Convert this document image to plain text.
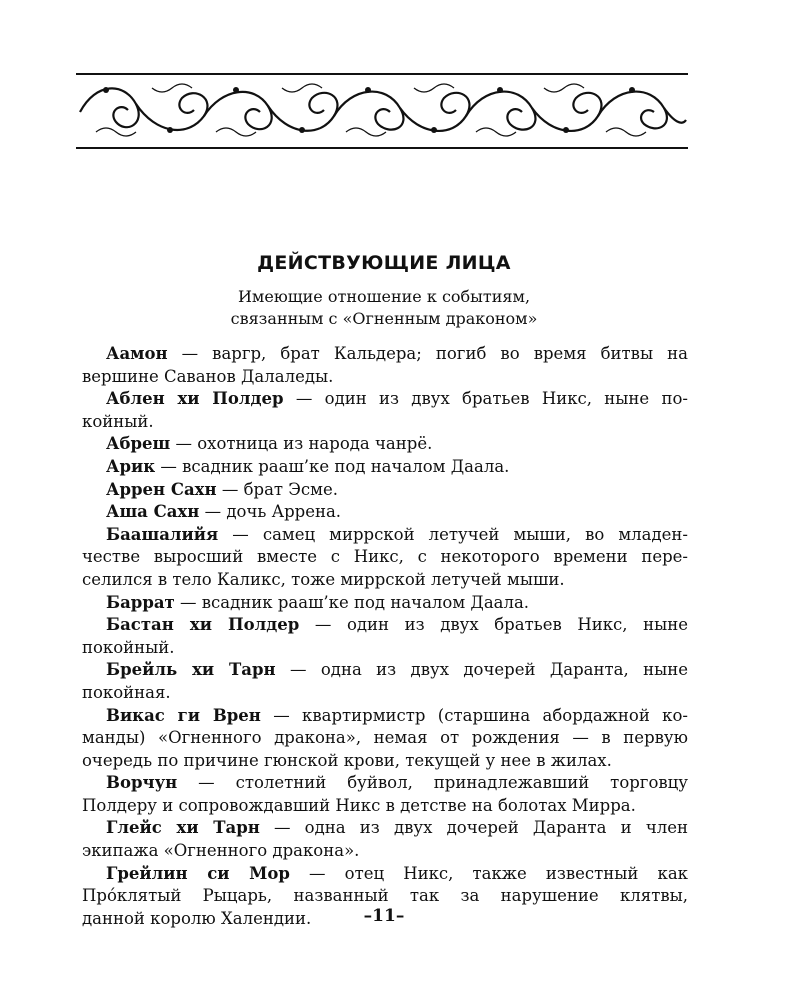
ДЕЙСТВУЮЩИЕ ЛИЦА
Имеющие отношение к событиям,
связанным с «Огненным драконом»
Аамон — варгр, брат Кальдера; погиб во время битвы на
вершине Саванов Далаледы.
Аблен хи Полдер — один из двух братьев Никс, ныне по-
койный.
Абреш — охотница из народа чанрё.
Арик — всадник рааш’ке под началом Даала.
Аррен Сахн — брат Эсме.
Аша Сахн — дочь Аррена.
Баашалийя — самец миррской летучей мыши, во младен-
честве выросший вместе с Никс, с некоторого времени пере-
селился в тело Каликс, тоже миррской летучей мыши.
Баррат — всадник рааш’ке под началом Даала.
Бастан хи Полдер — один из двух братьев Никс, ныне
покойный.
Брейль хи Тарн — одна из двух дочерей Даранта, ныне
покойная.
Викас ги Врен — квартирмистр (старшина абордажной ко-
манды) «Огненного дракона», немая от рождения — в первую
очередь по причине гюнской крови, текущей у нее в жилах.
Ворчун — столетний буйвол, принадлежавший торговцу
Полдеру и сопровождавший Никс в детстве на болотах Мирра.
Глейс хи Тарн — одна из двух дочерей Даранта и член
экипажа «Огненного дракона».
Грейлин си Мор — отец Никс, также известный как
Про́клятый Рыцарь, названный так за нарушение клятвы,
данной королю Халендии.	–11–
